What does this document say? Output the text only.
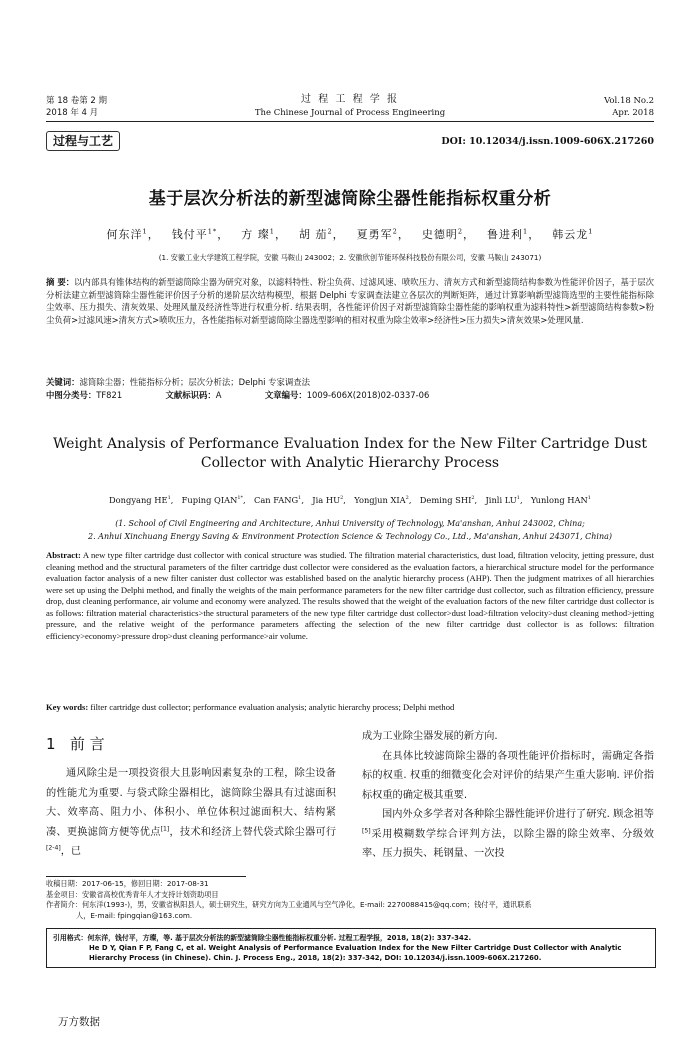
第 18 卷第 2 期
2018 年 4 月
过 程 工 程 学 报
The Chinese Journal of Process Engineering
Vol.18 No.2
Apr. 2018
过程与工艺	DOI: 10.12034/j.issn.1009-606X.217260
基于层次分析法的新型滤筒除尘器性能指标权重分析
何东洋$^1$， 钱付平$^{1*}$， 方 璨$^1$， 胡 茄$^2$， 夏勇军$^2$， 史德明$^2$， 鲁进利$^1$， 韩云龙$^1$
(1. 安徽工业大学建筑工程学院，安徽 马鞍山 243002；2. 安徽欣创节能环保科技股份有限公司，安徽 马鞍山 243071)
摘 要：以内部具有锥体结构的新型滤筒除尘器为研究对象，以滤料特性、粉尘负荷、过滤风速、喷吹压力、清灰方式和新型滤筒结构参数为性能评价因子，基于层次分析法建立新型滤筒除尘器性能评价因子分析的递阶层次结构模型，根据 Delphi 专家调查法建立各层次的判断矩阵，通过计算影响新型滤筒选型的主要性能指标除尘效率、压力损失、清灰效果、处理风量及经济性等进行权重分析. 结果表明，各性能评价因子对新型滤筒除尘器性能的影响权重为滤料特性>新型滤筒结构参数>粉尘负荷>过滤风速>清灰方式>喷吹压力，各性能指标对新型滤筒除尘器选型影响的相对权重为除尘效率>经济性>压力损失>清灰效果>处理风量.
关键词：滤筒除尘器；性能指标分析；层次分析法；Delphi 专家调查法
中图分类号：TF821	文献标识码：A	文章编号：1009-606X(2018)02-0337-06
Weight Analysis of Performance Evaluation Index for the New Filter Cartridge Dust
Collector with Analytic Hierarchy Process
Dongyang $HE^1$, Fuping $QIAN^{1*}$, Can FANG$^1$, Jia $HU^2$, Yongjun XIA$^2$, Deming SHI$^2$, Jinli $LU^1$, Yunlong HAN$^1$
(1. School of Civil Engineering and Architecture, Anhui University of Technology, Ma'anshan, Anhui 243002, China;
2. Anhui Xinchuang Energy Saving & Environment Protection Science & Technology Co., Ltd., Ma'anshan, Anhui 243071, China)
Abstract: A new type filter cartridge dust collector with conical structure was studied. The filtration material characteristics, dust load, filtration velocity, jetting pressure, dust cleaning method and the structural parameters of the filter cartridge dust collector were considered as the evaluation factors, a hierarchical structure model for the performance evaluation factor analysis of a new filter canister dust collector was established based on the analytic hierarchy process (AHP). Then the judgment matrixes of all hierarchies were set up using the Delphi method, and finally the weights of the main performance parameters for the new filter cartridge dust collector, such as filtration efficiency, pressure drop, dust cleaning performance, air volume and economy were analyzed. The results showed that the weight of the evaluation factors of the new filter cartridge dust collector is as follows: filtration material characteristics>the structural parameters of the new type filter cartridge dust collector>dust load>filtration velocity>dust cleaning method>jetting pressure, and the relative weight of the performance parameters affecting the selection of the new filter cartridge dust collector is as follows: filtration efficiency>economy>pressure drop>dust cleaning performance>air volume.
Key words: filter cartridge dust collector; performance evaluation analysis; analytic hierarchy process; Delphi method
1 前 言
通风除尘是一项投资很大且影响因素复杂的工程，除尘设备的性能尤为重要. 与袋式除尘器相比，滤筒除尘器具有过滤面积大、效率高、阻力小、体积小、单位体积过滤面积大、结构紧凑、更换滤筒方便等优点[1]，技术和经济上替代袋式除尘器可行[2-4]，已
成为工业除尘器发展的新方向.
在具体比较滤筒除尘器的各项性能评价指标时，需确定各指标的权重. 权重的细微变化会对评价的结果产生重大影响. 评价指标权重的确定极其重要.
国内外众多学者对各种除尘器性能评价进行了研究. 顾念祖等[5]采用模糊数学综合评判方法，以除尘器的除尘效率、分级效率、压力损失、耗钢量、一次投
收稿日期：2017-06-15，修回日期：2017-08-31
基金项目：安徽省高校优秀青年人才支持计划资助项目
作者简介：何东洋(1993-)，男，安徽省枞阳县人，硕士研究生，研究方向为工业通风与空气净化，E-mail: 2270088415@qq.com；钱付平，通讯联系
人，E-mail: fpingqian@163.com.
引用格式：何东洋，钱付平，方璨，等. 基于层次分析法的新型滤筒除尘器性能指标权重分析. 过程工程学报，2018, 18(2): 337-342.
He D Y, Qian F P, Fang C, et al. Weight Analysis of Performance Evaluation Index for the New Filter Cartridge Dust Collector with Analytic
Hierarchy Process (in Chinese). Chin. J. Process Eng., 2018, 18(2): 337-342, DOI: 10.12034/j.issn.1009-606X.217260.
万方数据
